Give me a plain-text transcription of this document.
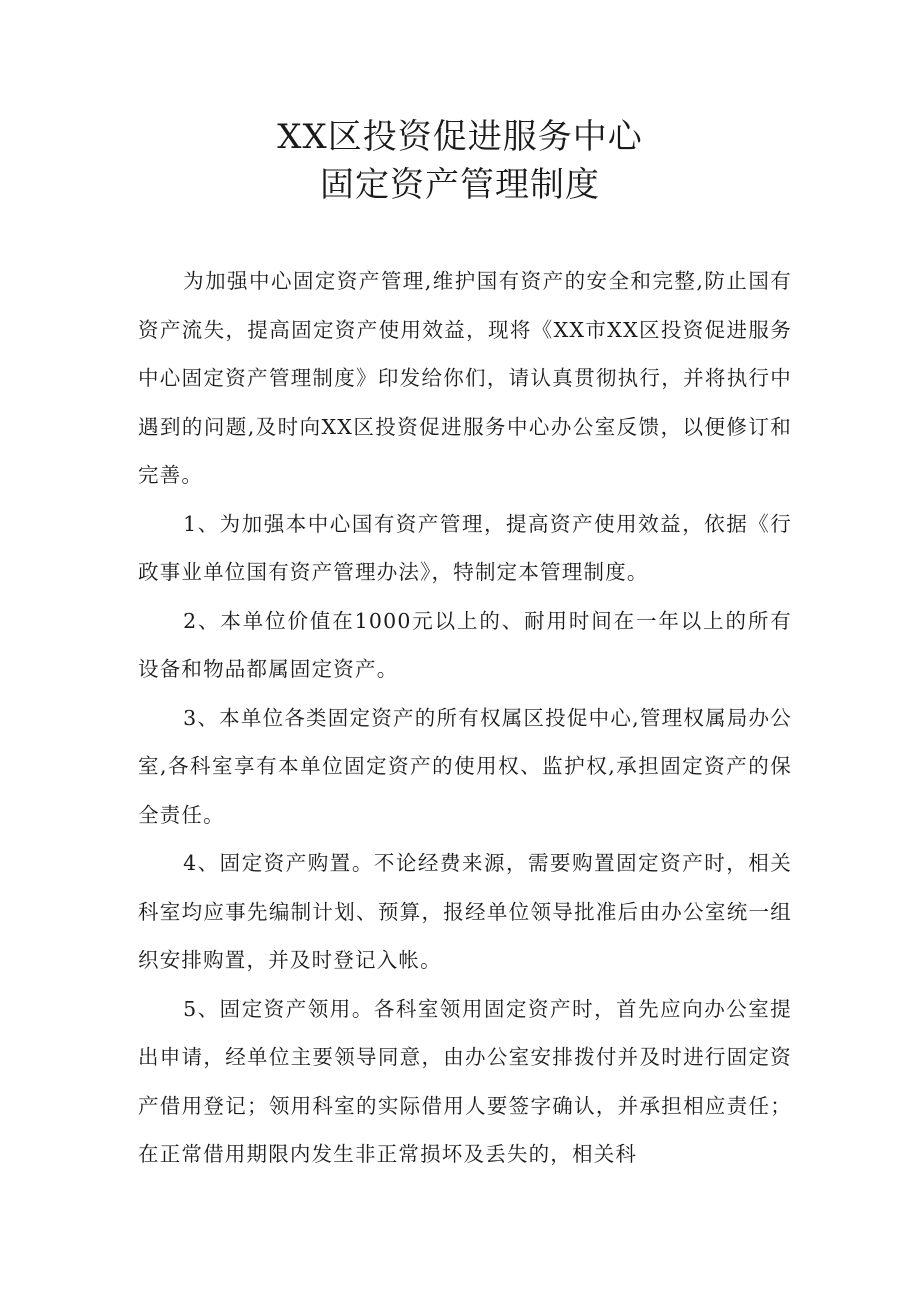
XX区投资促进服务中心
固定资产管理制度

为加强中心固定资产管理,维护国有资产的安全和完整,防止国有资产流失，提高固定资产使用效益，现将《XX市XX区投资促进服务中心固定资产管理制度》印发给你们，请认真贯彻执行，并将执行中遇到的问题,及时向XX区投资促进服务中心办公室反馈，以便修订和完善。

1、为加强本中心国有资产管理，提高资产使用效益，依据《行政事业单位国有资产管理办法》，特制定本管理制度。

2、本单位价值在1000元以上的、耐用时间在一年以上的所有设备和物品都属固定资产。

3、本单位各类固定资产的所有权属区投促中心,管理权属局办公室,各科室享有本单位固定资产的使用权、监护权,承担固定资产的保全责任。

4、固定资产购置。不论经费来源，需要购置固定资产时，相关科室均应事先编制计划、预算，报经单位领导批准后由办公室统一组织安排购置，并及时登记入帐。

5、固定资产领用。各科室领用固定资产时，首先应向办公室提出申请，经单位主要领导同意，由办公室安排拨付并及时进行固定资产借用登记；领用科室的实际借用人要签字确认，并承担相应责任；在正常借用期限内发生非正常损坏及丢失的，相关科
